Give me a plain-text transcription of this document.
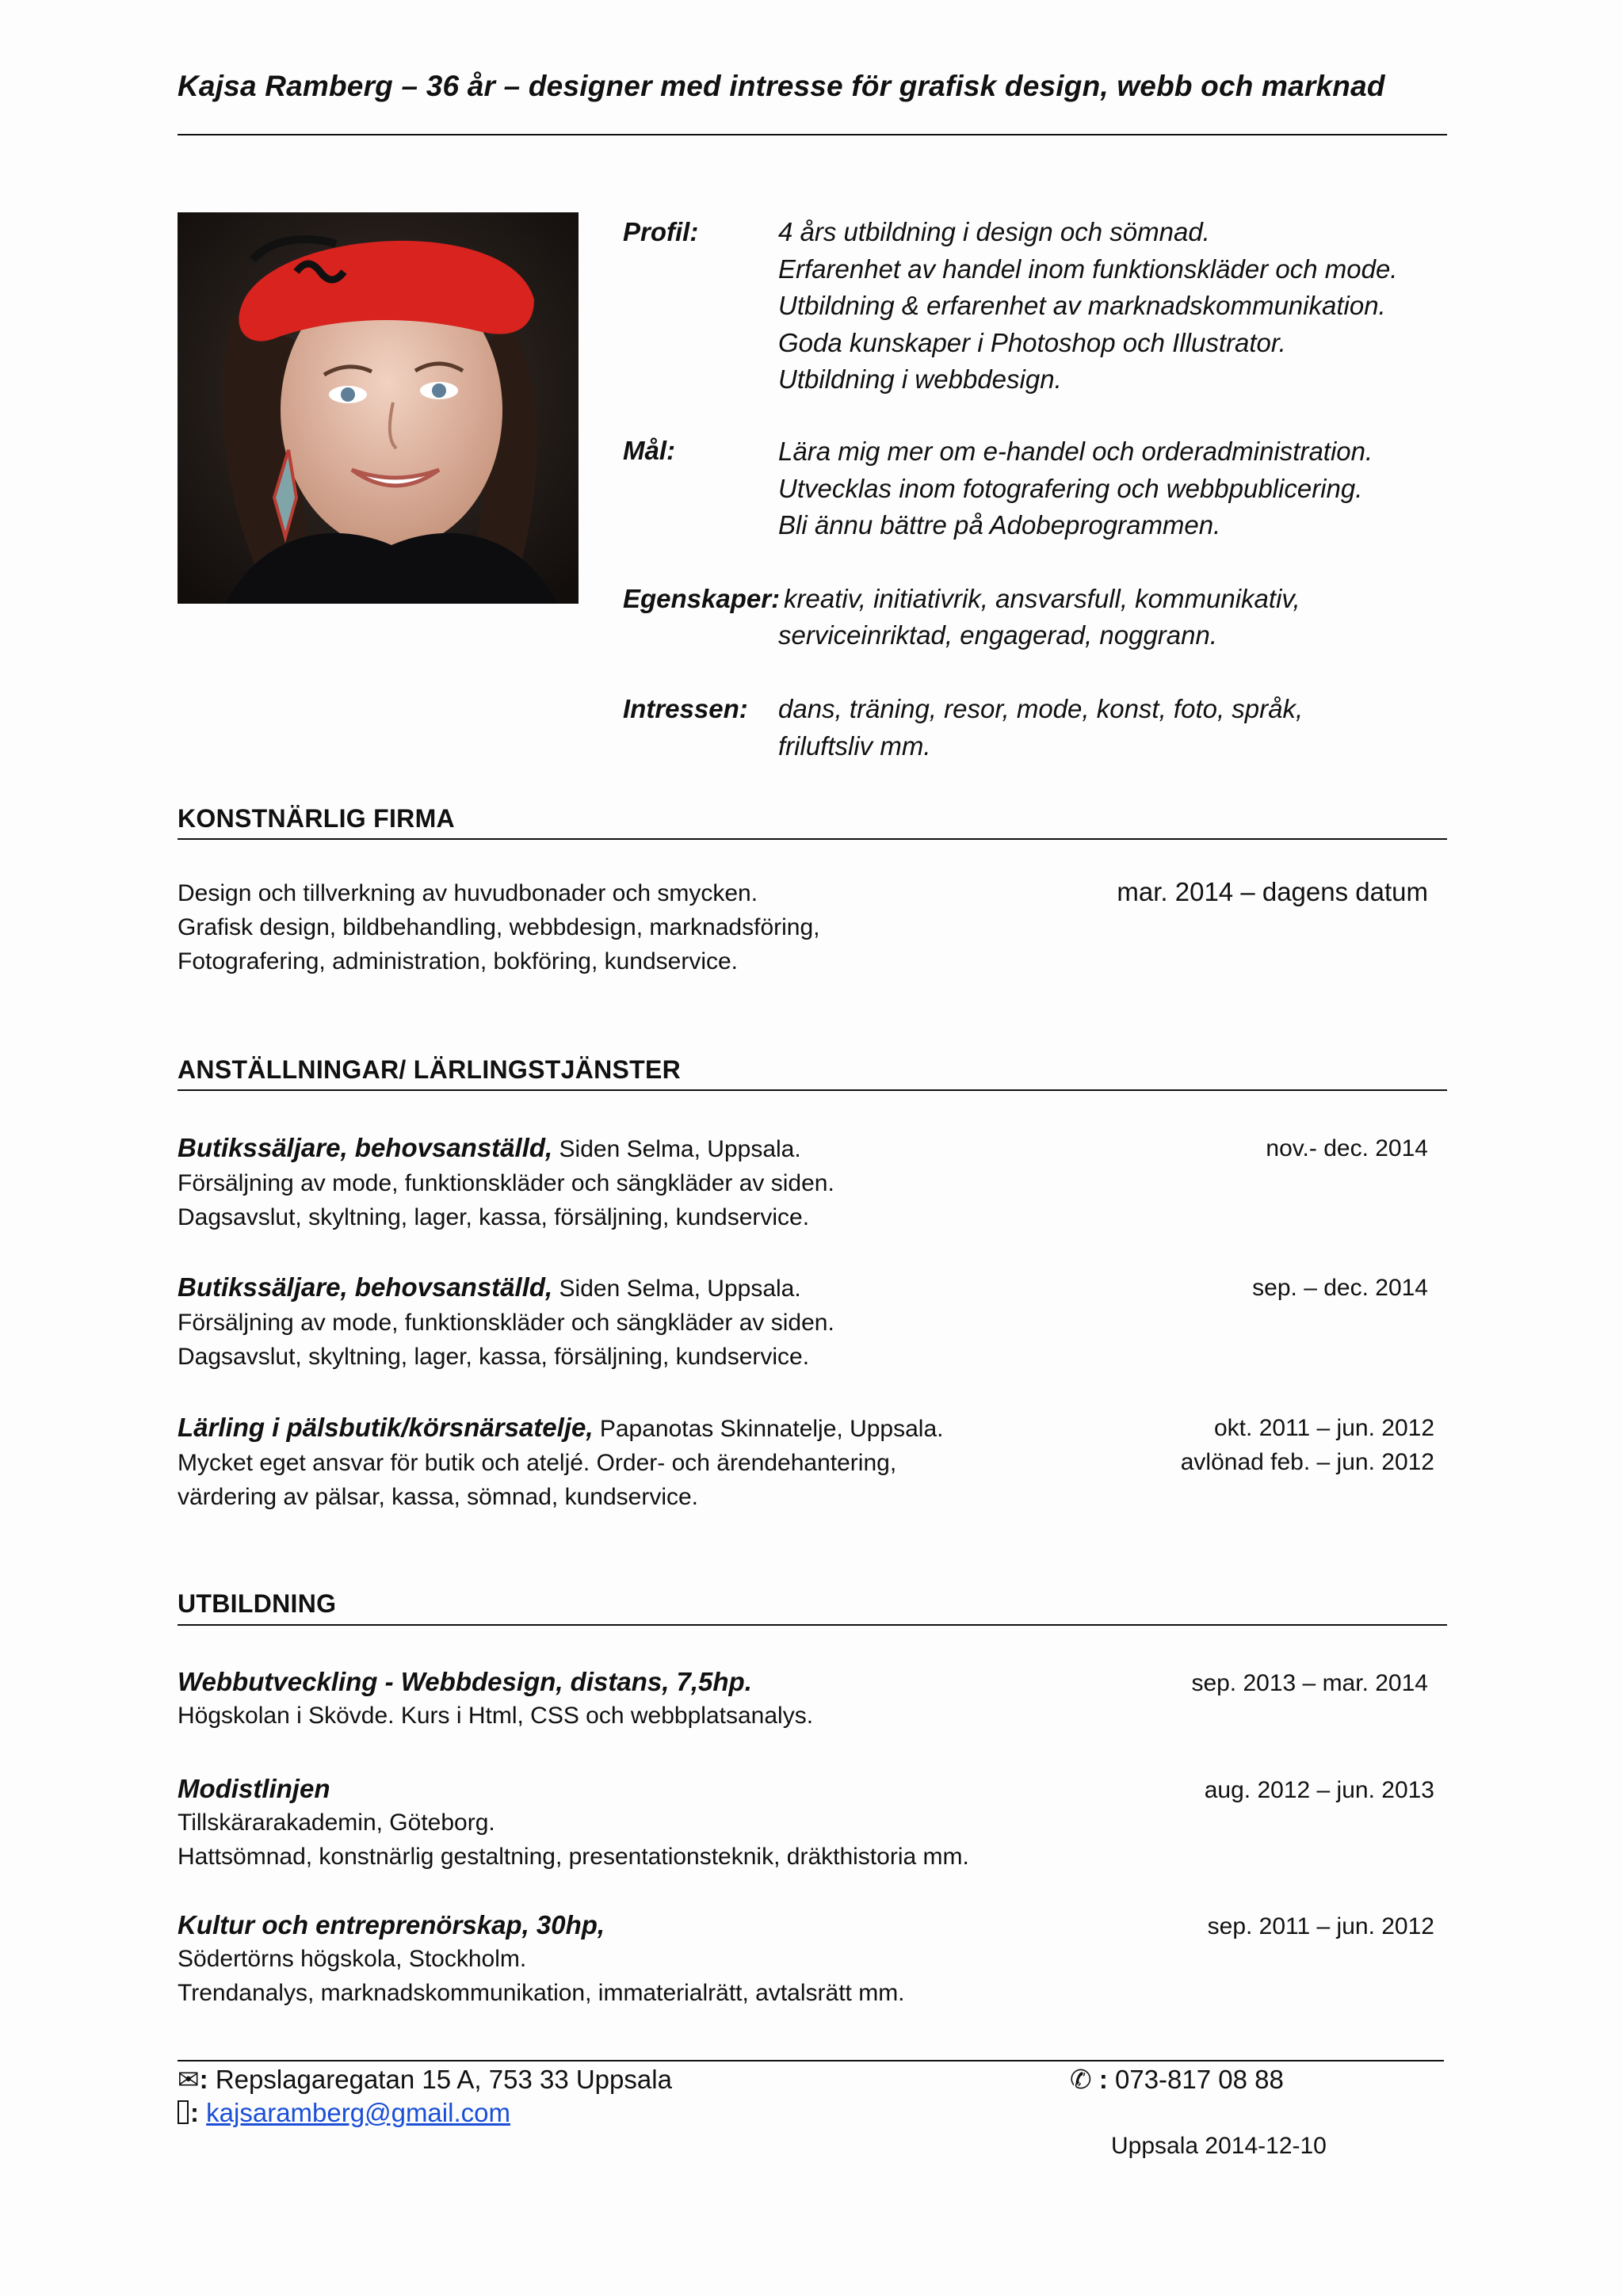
Kajsa Ramberg – 36 år – designer med intresse för grafisk design, webb och marknad
Profil:	4 års utbildning i design och sömnad.
Erfarenhet av handel inom funktionskläder och mode.
Utbildning & erfarenhet av marknadskommunikation.
Goda kunskaper i Photoshop och Illustrator.
Utbildning i webbdesign.
Mål:	Lära mig mer om e-handel och orderadministration.
Utvecklas inom fotografering och webbpublicering.
Bli ännu bättre på Adobeprogrammen.
Egenskaper: kreativ, initiativrik, ansvarsfull, kommunikativ,
serviceinriktad, engagerad, noggrann.
Intressen: dans, träning, resor, mode, konst, foto, språk,
friluftsliv mm.
KONSTNÄRLIG FIRMA
Design och tillverkning av huvudbonader och smycken.
Grafisk design, bildbehandling, webbdesign, marknadsföring,
Fotografering, administration, bokföring, kundservice.
mar. 2014 – dagens datum
ANSTÄLLNINGAR/ LÄRLINGSTJÄNSTER
Butikssäljare, behovsanställd, Siden Selma, Uppsala.
Försäljning av mode, funktionskläder och sängkläder av siden.
Dagsavslut, skyltning, lager, kassa, försäljning, kundservice.
nov.- dec. 2014
Butikssäljare, behovsanställd, Siden Selma, Uppsala.
Försäljning av mode, funktionskläder och sängkläder av siden.
Dagsavslut, skyltning, lager, kassa, försäljning, kundservice.
sep. – dec. 2014
Lärling i pälsbutik/körsnärsatelje, Papanotas Skinnatelje, Uppsala.
Mycket eget ansvar för butik och ateljé. Order- och ärendehantering,
värdering av pälsar, kassa, sömnad, kundservice.
okt. 2011 – jun. 2012
avlönad feb. – jun. 2012
UTBILDNING
Webbutveckling - Webbdesign, distans, 7,5hp.
Högskolan i Skövde. Kurs i Html, CSS och webbplatsanalys.
sep. 2013 – mar. 2014
Modistlinjen
Tillskärarakademin, Göteborg.
Hattsömnad, konstnärlig gestaltning, presentationsteknik, dräkthistoria mm.
aug. 2012 – jun. 2013
Kultur och entreprenörskap, 30hp,
Södertörns högskola, Stockholm.
Trendanalys, marknadskommunikation, immaterialrätt, avtalsrätt mm.
sep. 2011 – jun. 2012
✉: Repslagaregatan 15 A, 753 33 Uppsala
: kajsaramberg@gmail.com
✆ : 073-817 08 88
Uppsala 2014-12-10
